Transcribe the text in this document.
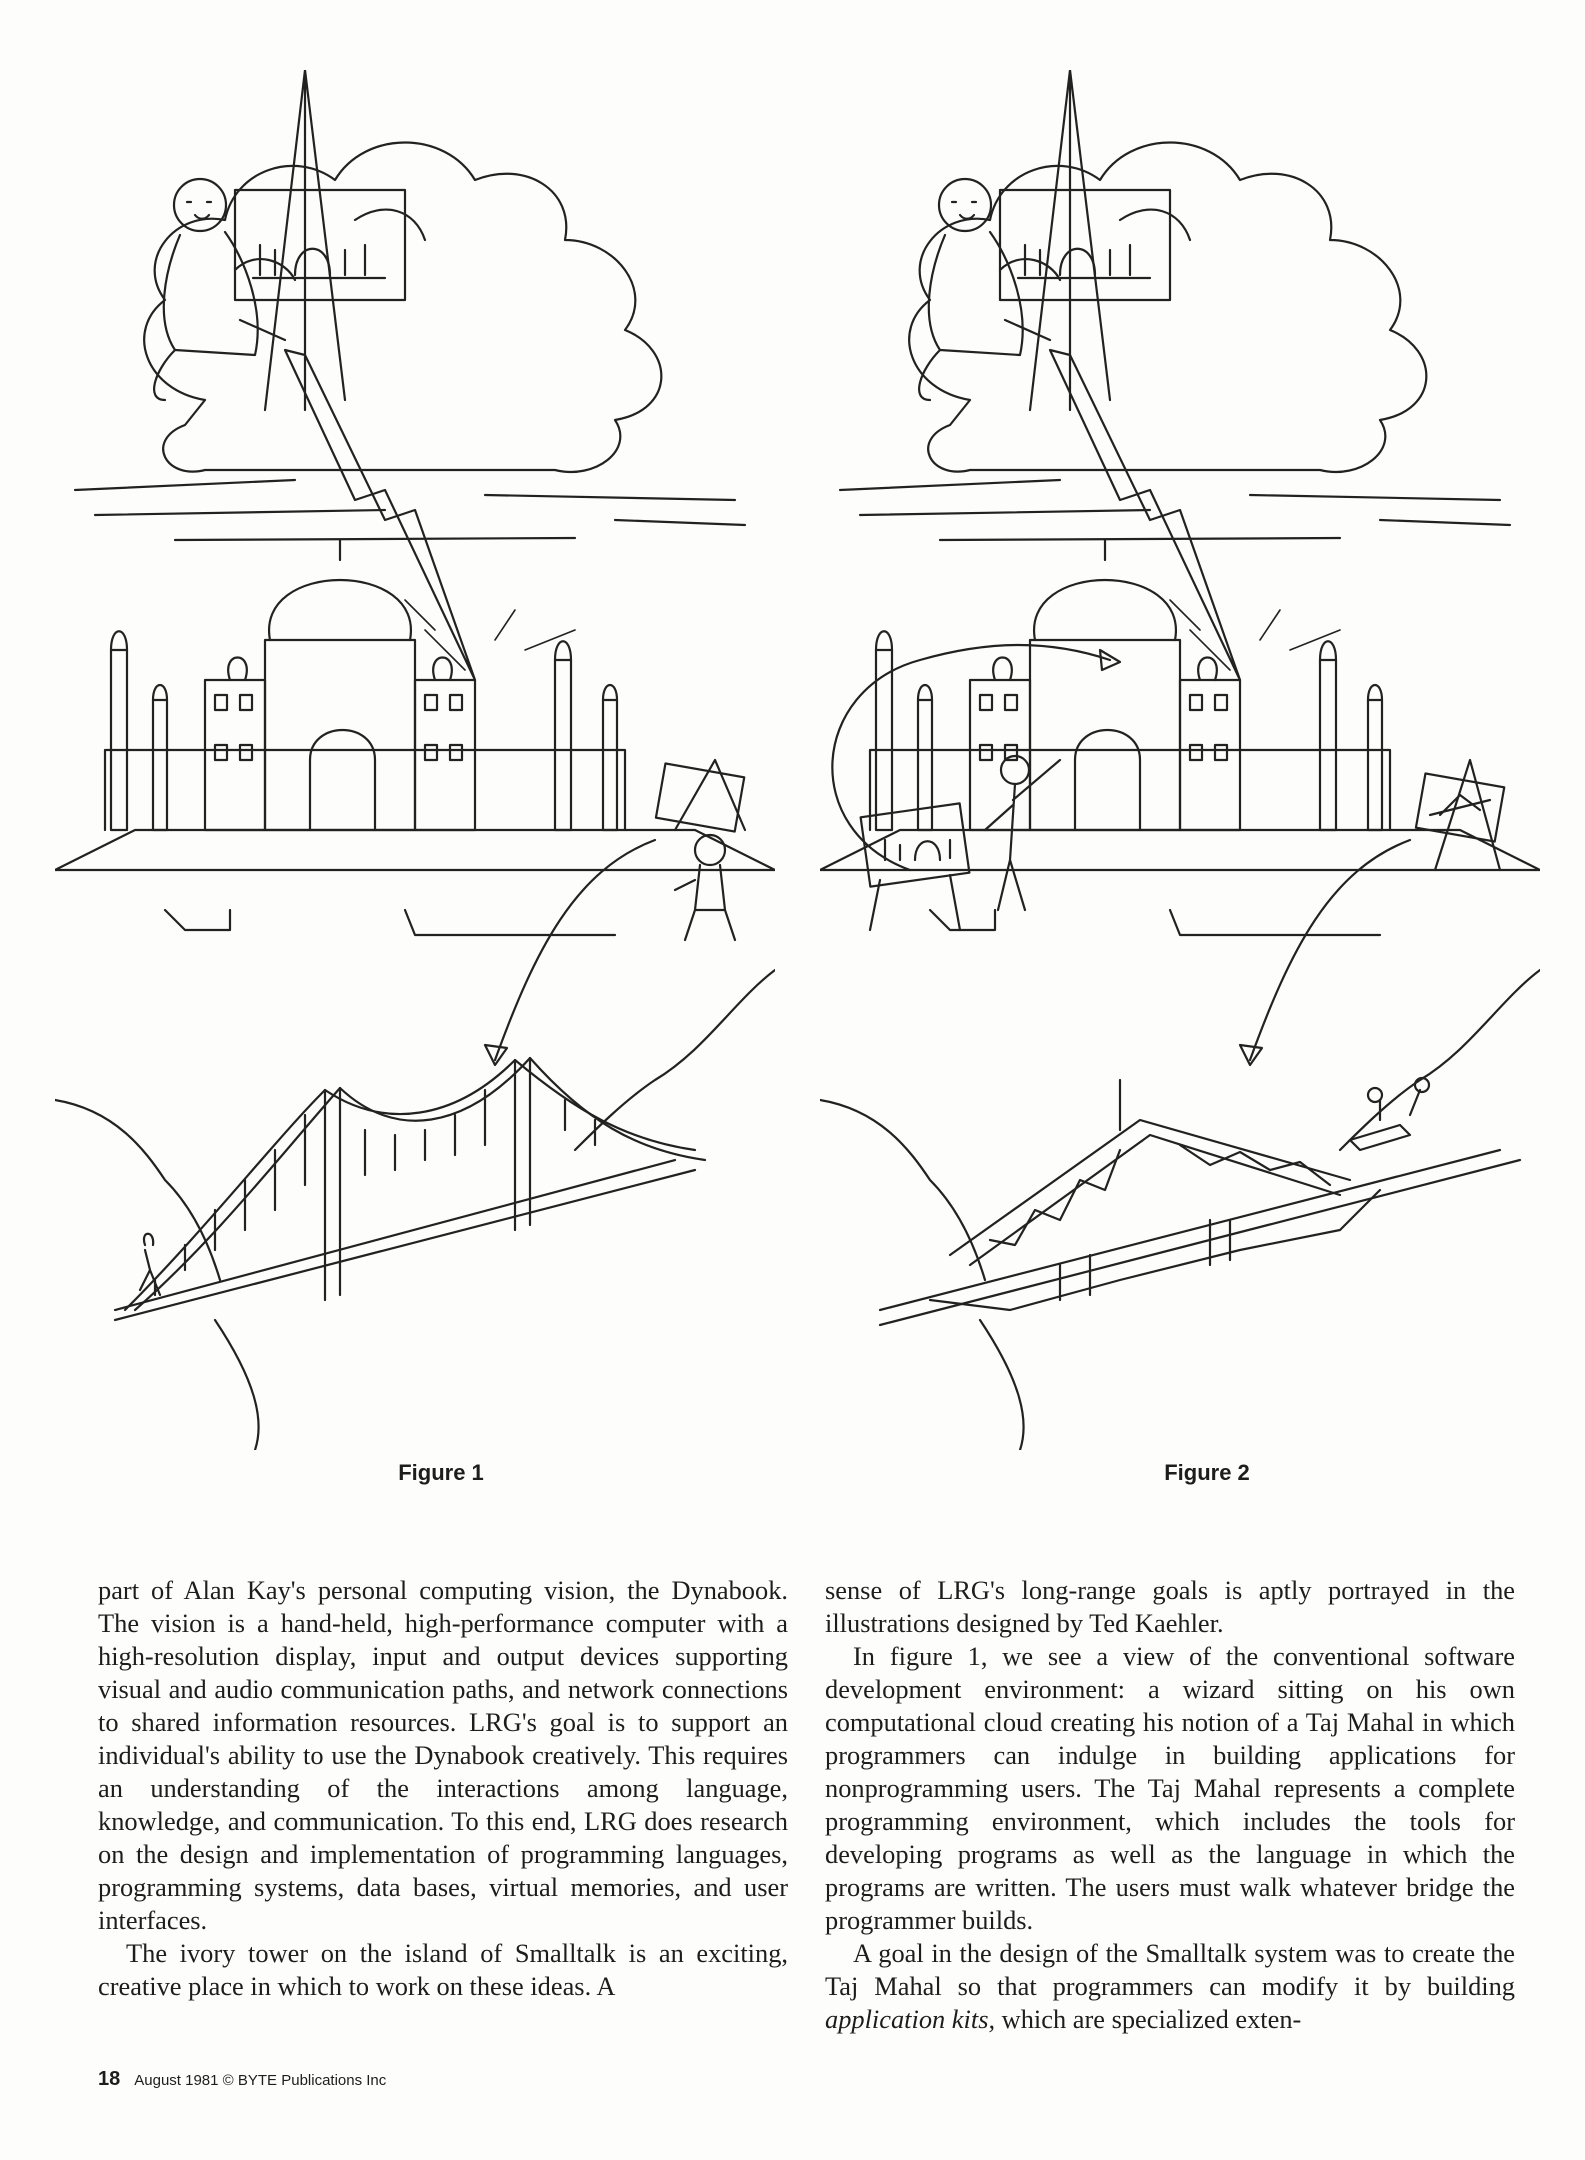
Figure 1	Figure 2

part of Alan Kay's personal computing vision, the Dynabook. The vision is a hand-held, high-performance computer with a high-resolution display, input and output devices supporting visual and audio communication paths, and network connections to shared information resources. LRG's goal is to support an individual's ability to use the Dynabook creatively. This requires an understanding of the interactions among language, knowledge, and communication. To this end, LRG does research on the design and implementation of programming languages, programming systems, data bases, virtual memories, and user interfaces.

The ivory tower on the island of Smalltalk is an exciting, creative place in which to work on these ideas. A

sense of LRG's long-range goals is aptly portrayed in the illustrations designed by Ted Kaehler.

In figure 1, we see a view of the conventional software development environment: a wizard sitting on his own computational cloud creating his notion of a Taj Mahal in which programmers can indulge in building applications for nonprogramming users. The Taj Mahal represents a complete programming environment, which includes the tools for developing programs as well as the language in which the programs are written. The users must walk whatever bridge the programmer builds.

A goal in the design of the Smalltalk system was to create the Taj Mahal so that programmers can modify it by building application kits, which are specialized exten-

18 August 1981 © BYTE Publications Inc
